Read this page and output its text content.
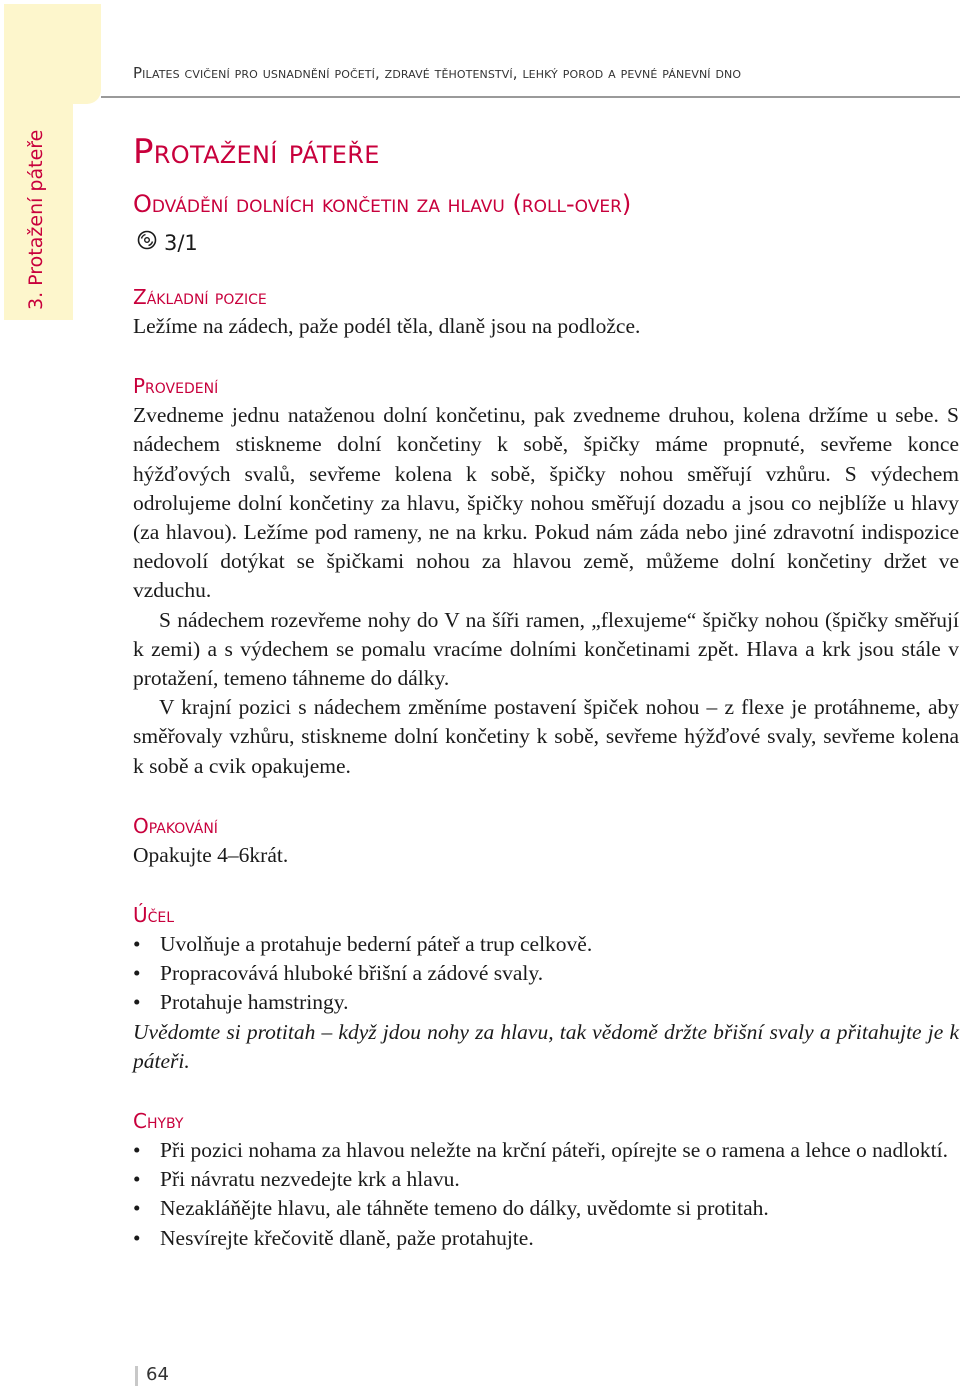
3. Protažení páteře
Pilates cvičení pro usnadnění početí, zdravé těhotenství, lehký porod a pevné pánevní dno
Protažení páteře
Odvádění dolních končetin za hlavu (roll-over)
3/1
Základní pozice

Ležíme na zádech, paže podél těla, dlaně jsou na podložce.

Provedení

Zvedneme jednu nataženou dolní končetinu, pak zvedneme druhou, kolena držíme u sebe. S nádechem stiskneme dolní končetiny k sobě, špičky máme propnuté, sevřeme konce hýžďových svalů, sevřeme kolena k sobě, špičky nohou směřují vzhůru. S výdechem odrolujeme dolní končetiny za hlavu, špičky nohou směřují dozadu a jsou co nejblíže u hlavy (za hlavou). Ležíme pod rameny, ne na krku. Pokud nám záda nebo jiné zdravotní indispozice nedovolí dotýkat se špičkami nohou za hlavou země, můžeme dolní končetiny držet ve vzduchu.

S nádechem rozevřeme nohy do V na šíři ramen, „flexujeme“ špičky nohou (špičky směřují k zemi) a s výdechem se pomalu vracíme dolními končetinami zpět. Hlava a krk jsou stále v protažení, temeno táhneme do dálky.

V krajní pozici s nádechem změníme postavení špiček nohou – z flexe je protáhneme, aby směřovaly vzhůru, stiskneme dolní končetiny k sobě, sevřeme hýžďové svaly, sevřeme kolena k sobě a cvik opakujeme.

Opakování

Opakujte 4–6krát.

Účel
• Uvolňuje a protahuje bederní páteř a trup celkově.
• Propracovává hluboké břišní a zádové svaly.
• Protahuje hamstringy.

Uvědomte si protitah – když jdou nohy za hlavu, tak vědomě držte břišní svaly a přitahujte je k páteři.

Chyby
• Při pozici nohama za hlavou neležte na krční páteři, opírejte se o ramena a lehce o nadloktí.
• Při návratu nezvedejte krk a hlavu.
• Nezakláňějte hlavu, ale táhněte temeno do dálky, uvědomte si protitah.
• Nesvírejte křečovitě dlaně, paže protahujte.
64
